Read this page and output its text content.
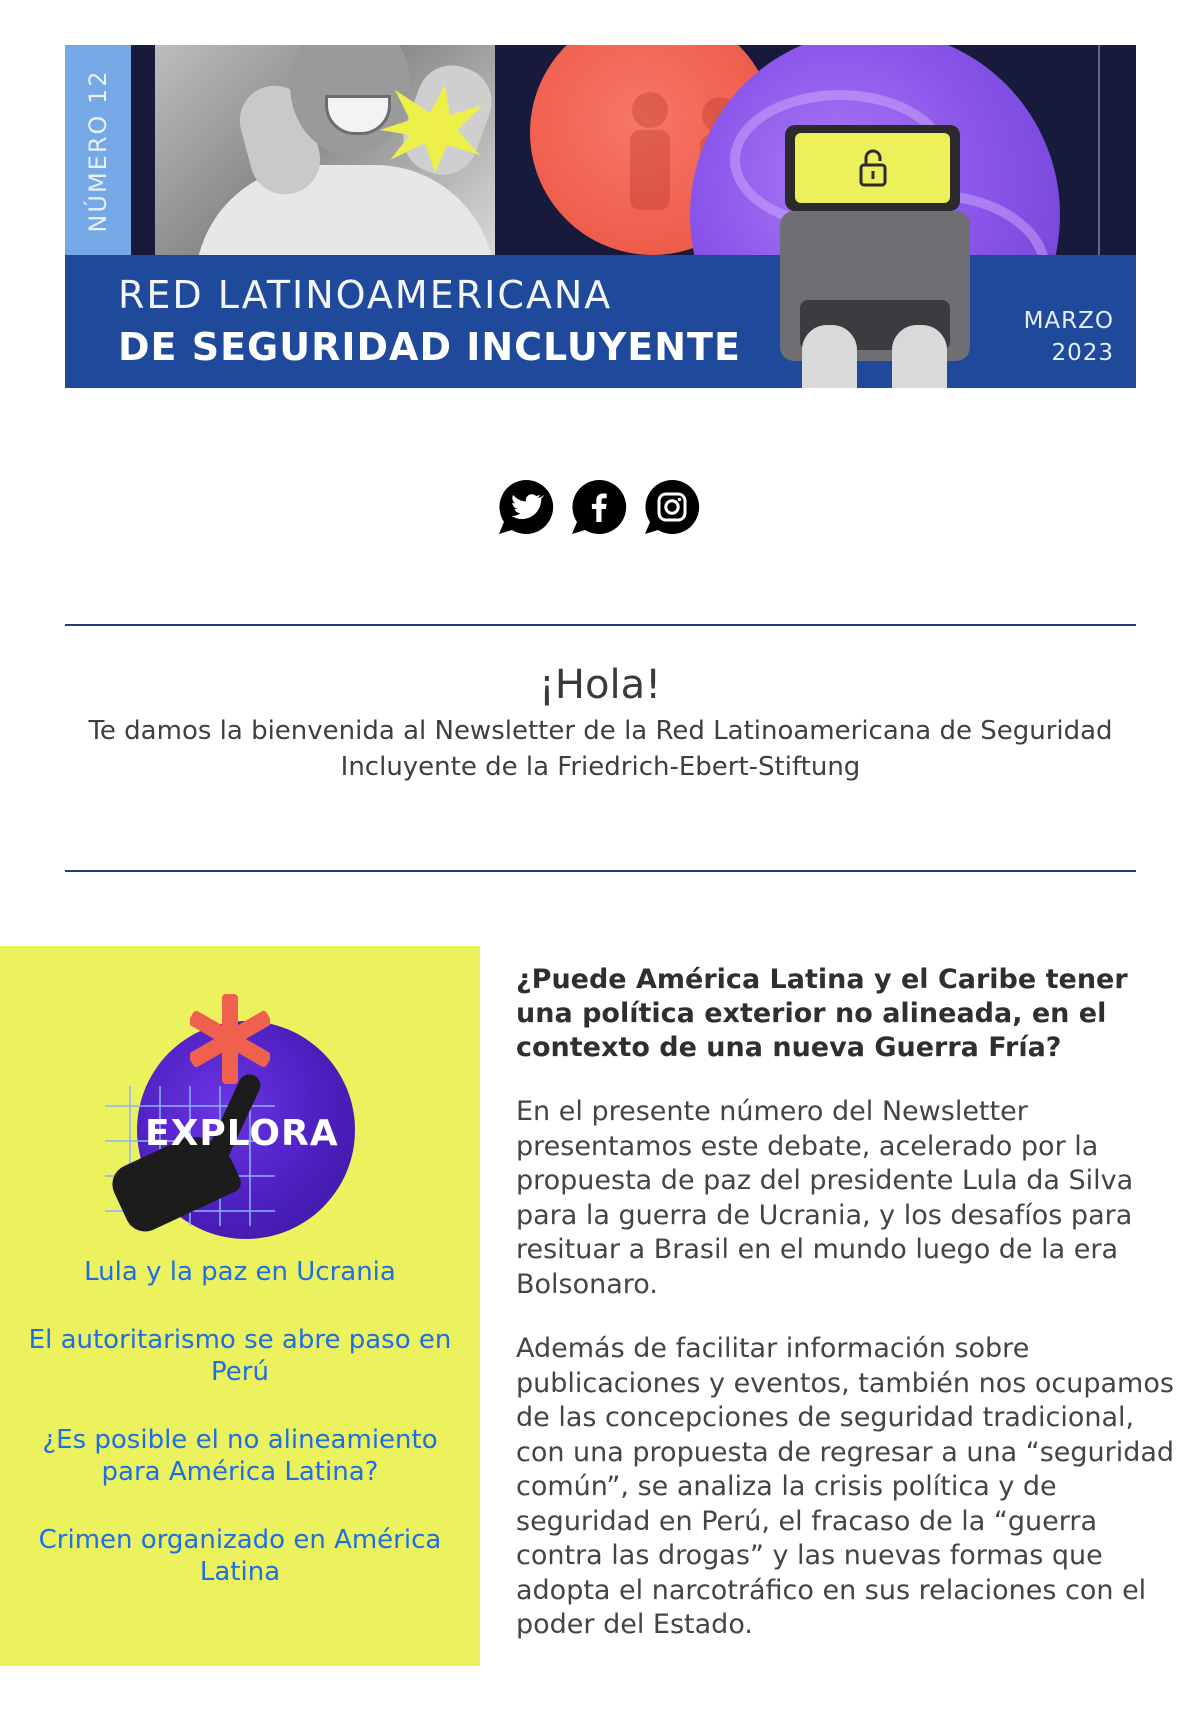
NÚMERO 12
RED LATINOAMERICANA
DE SEGURIDAD INCLUYENTE
MARZO
2023
¡Hola!
Te damos la bienvenida al Newsletter de la Red Latinoamericana de Seguridad Incluyente de la Friedrich-Ebert-Stiftung
EXPLORA
Lula y la paz en Ucrania
El autoritarismo se abre paso en Perú
¿Es posible el no alineamiento para América Latina?
Crimen organizado en América Latina
¿Puede América Latina y el Caribe tener una política exterior no alineada, en el contexto de una nueva Guerra Fría?

En el presente número del Newsletter presentamos este debate, acelerado por la propuesta de paz del presidente Lula da Silva para la guerra de Ucrania, y los desafíos para resituar a Brasil en el mundo luego de la era Bolsonaro.

Además de facilitar información sobre publicaciones y eventos, también nos ocupamos de las concepciones de seguridad tradicional, con una propuesta de regresar a una “seguridad común”, se analiza la crisis política y de seguridad en Perú, el fracaso de la “guerra contra las drogas” y las nuevas formas que adopta el narcotráfico en sus relaciones con el poder del Estado.
